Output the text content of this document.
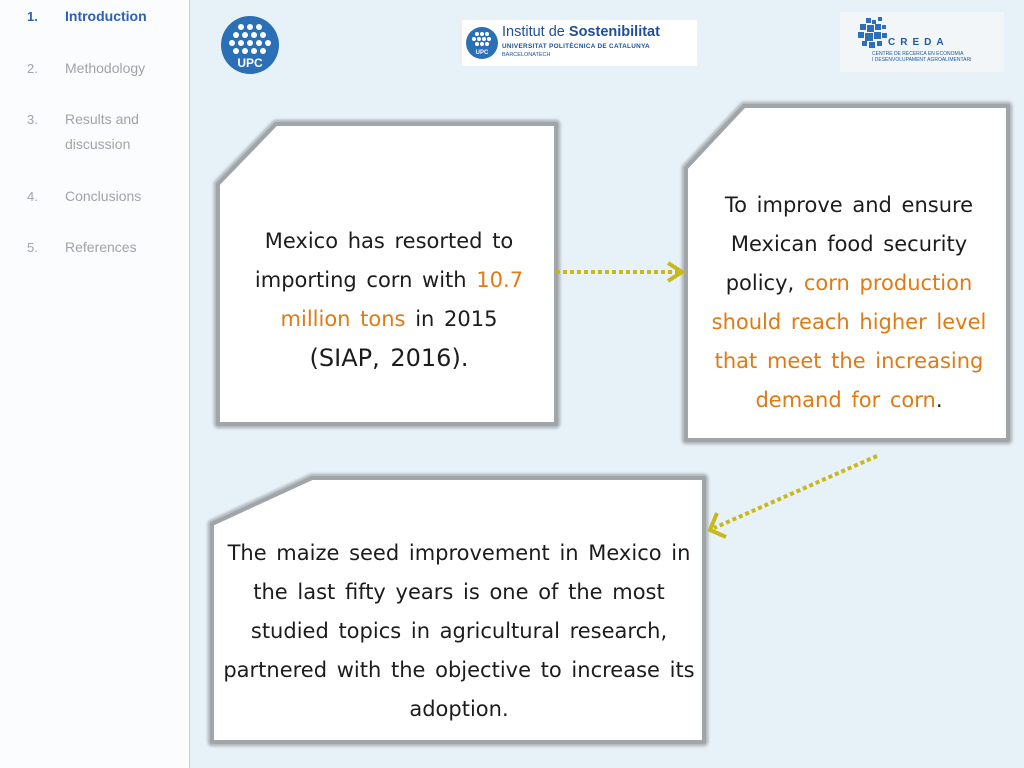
1. Introduction
2. Methodology
3. Results and discussion
4. Conclusions
5. References
UPC
UPC
Institut de Sostenibilitat
UNIVERSITAT POLITÈCNICA DE CATALUNYA
BARCELONATECH
CREDA
CENTRE DE RECERCA EN ECONOMIA
I DESENVOLUPAMENT AGROALIMENTARI
Mexico has resorted to importing corn with 10.7 million tons in 2015 (SIAP, 2016).
To improve and ensure Mexican food security policy, corn production should reach higher level that meet the increasing demand for corn.
The maize seed improvement in Mexico in the last fifty years is one of the most studied topics in agricultural research, partnered with the objective to increase its adoption.
